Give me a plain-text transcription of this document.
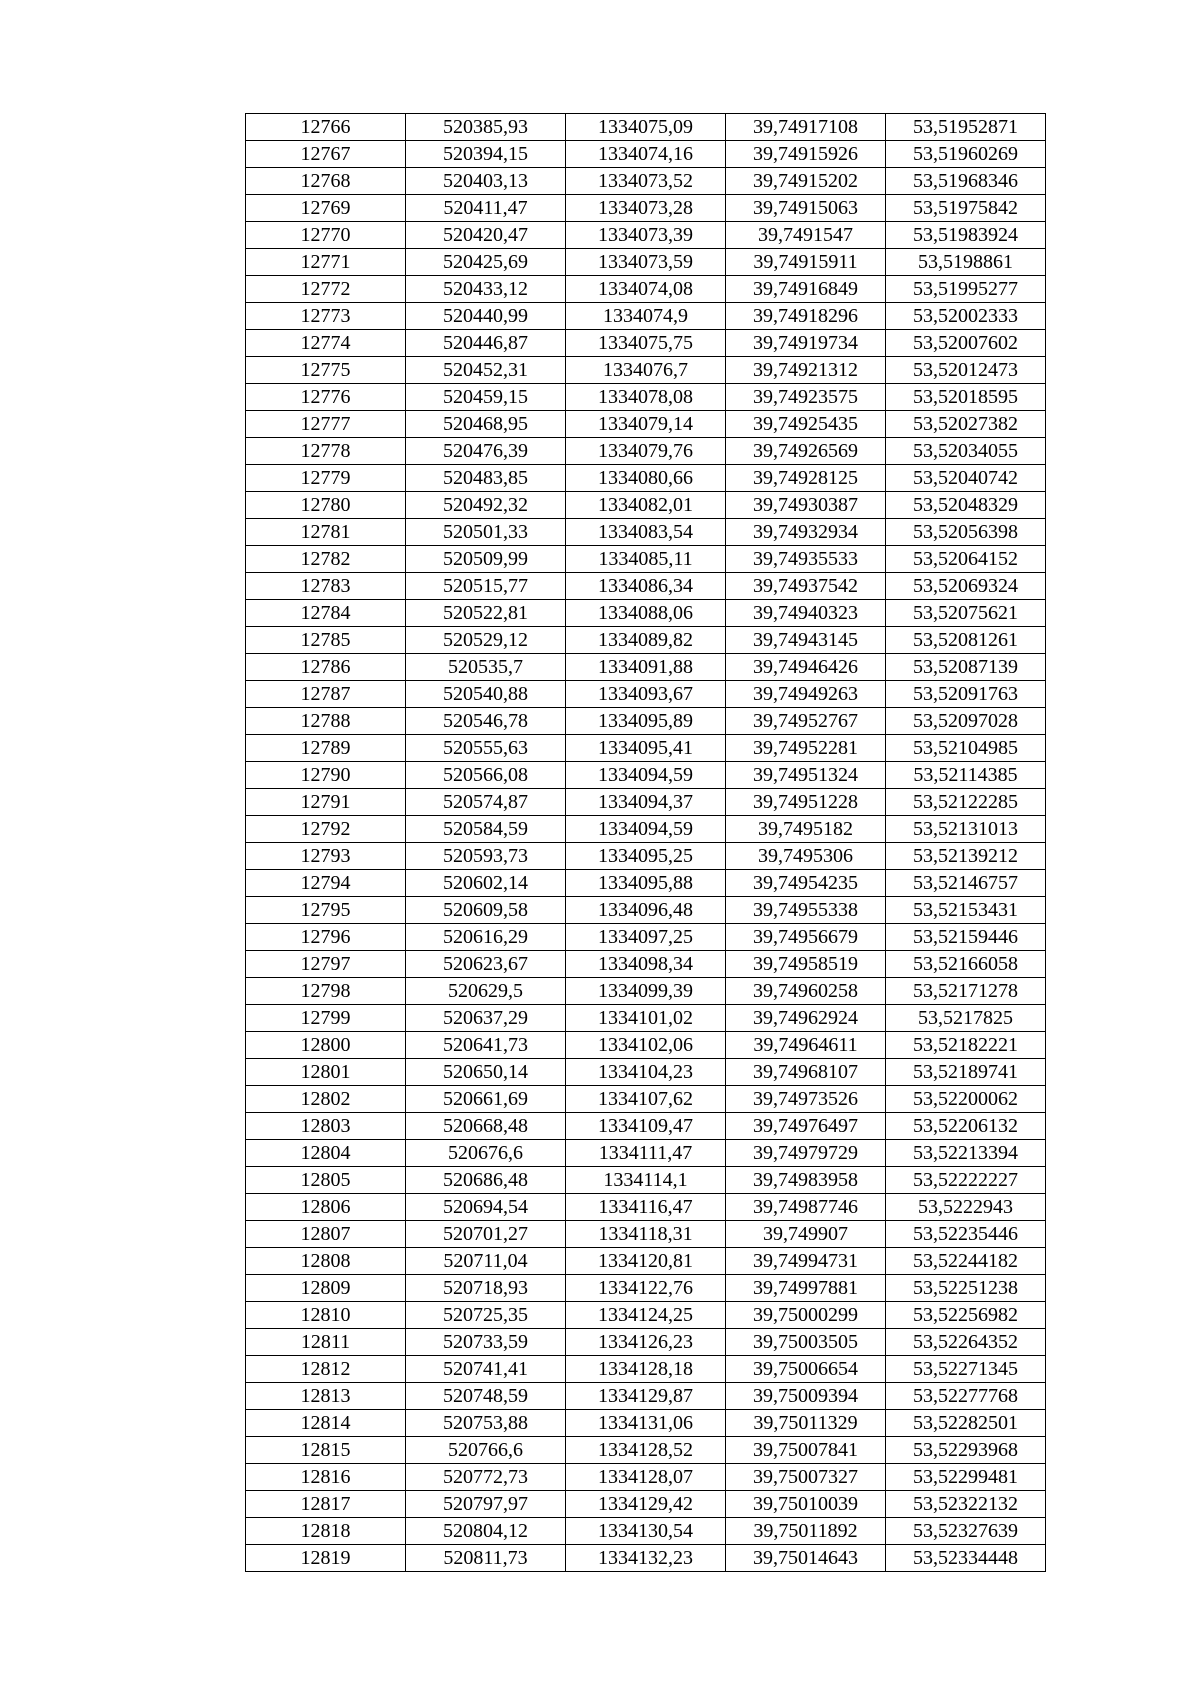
12766	520385,93	1334075,09	39,74917108	53,51952871
12767	520394,15	1334074,16	39,74915926	53,51960269
12768	520403,13	1334073,52	39,74915202	53,51968346
12769	520411,47	1334073,28	39,74915063	53,51975842
12770	520420,47	1334073,39	39,7491547	53,51983924
12771	520425,69	1334073,59	39,74915911	53,5198861
12772	520433,12	1334074,08	39,74916849	53,51995277
12773	520440,99	1334074,9	39,74918296	53,52002333
12774	520446,87	1334075,75	39,74919734	53,52007602
12775	520452,31	1334076,7	39,74921312	53,52012473
12776	520459,15	1334078,08	39,74923575	53,52018595
12777	520468,95	1334079,14	39,74925435	53,52027382
12778	520476,39	1334079,76	39,74926569	53,52034055
12779	520483,85	1334080,66	39,74928125	53,52040742
12780	520492,32	1334082,01	39,74930387	53,52048329
12781	520501,33	1334083,54	39,74932934	53,52056398
12782	520509,99	1334085,11	39,74935533	53,52064152
12783	520515,77	1334086,34	39,74937542	53,52069324
12784	520522,81	1334088,06	39,74940323	53,52075621
12785	520529,12	1334089,82	39,74943145	53,52081261
12786	520535,7	1334091,88	39,74946426	53,52087139
12787	520540,88	1334093,67	39,74949263	53,52091763
12788	520546,78	1334095,89	39,74952767	53,52097028
12789	520555,63	1334095,41	39,74952281	53,52104985
12790	520566,08	1334094,59	39,74951324	53,52114385
12791	520574,87	1334094,37	39,74951228	53,52122285
12792	520584,59	1334094,59	39,7495182	53,52131013
12793	520593,73	1334095,25	39,7495306	53,52139212
12794	520602,14	1334095,88	39,74954235	53,52146757
12795	520609,58	1334096,48	39,74955338	53,52153431
12796	520616,29	1334097,25	39,74956679	53,52159446
12797	520623,67	1334098,34	39,74958519	53,52166058
12798	520629,5	1334099,39	39,74960258	53,52171278
12799	520637,29	1334101,02	39,74962924	53,5217825
12800	520641,73	1334102,06	39,74964611	53,52182221
12801	520650,14	1334104,23	39,74968107	53,52189741
12802	520661,69	1334107,62	39,74973526	53,52200062
12803	520668,48	1334109,47	39,74976497	53,52206132
12804	520676,6	1334111,47	39,74979729	53,52213394
12805	520686,48	1334114,1	39,74983958	53,52222227
12806	520694,54	1334116,47	39,74987746	53,5222943
12807	520701,27	1334118,31	39,749907	53,52235446
12808	520711,04	1334120,81	39,74994731	53,52244182
12809	520718,93	1334122,76	39,74997881	53,52251238
12810	520725,35	1334124,25	39,75000299	53,52256982
12811	520733,59	1334126,23	39,75003505	53,52264352
12812	520741,41	1334128,18	39,75006654	53,52271345
12813	520748,59	1334129,87	39,75009394	53,52277768
12814	520753,88	1334131,06	39,75011329	53,52282501
12815	520766,6	1334128,52	39,75007841	53,52293968
12816	520772,73	1334128,07	39,75007327	53,52299481
12817	520797,97	1334129,42	39,75010039	53,52322132
12818	520804,12	1334130,54	39,75011892	53,52327639
12819	520811,73	1334132,23	39,75014643	53,52334448
